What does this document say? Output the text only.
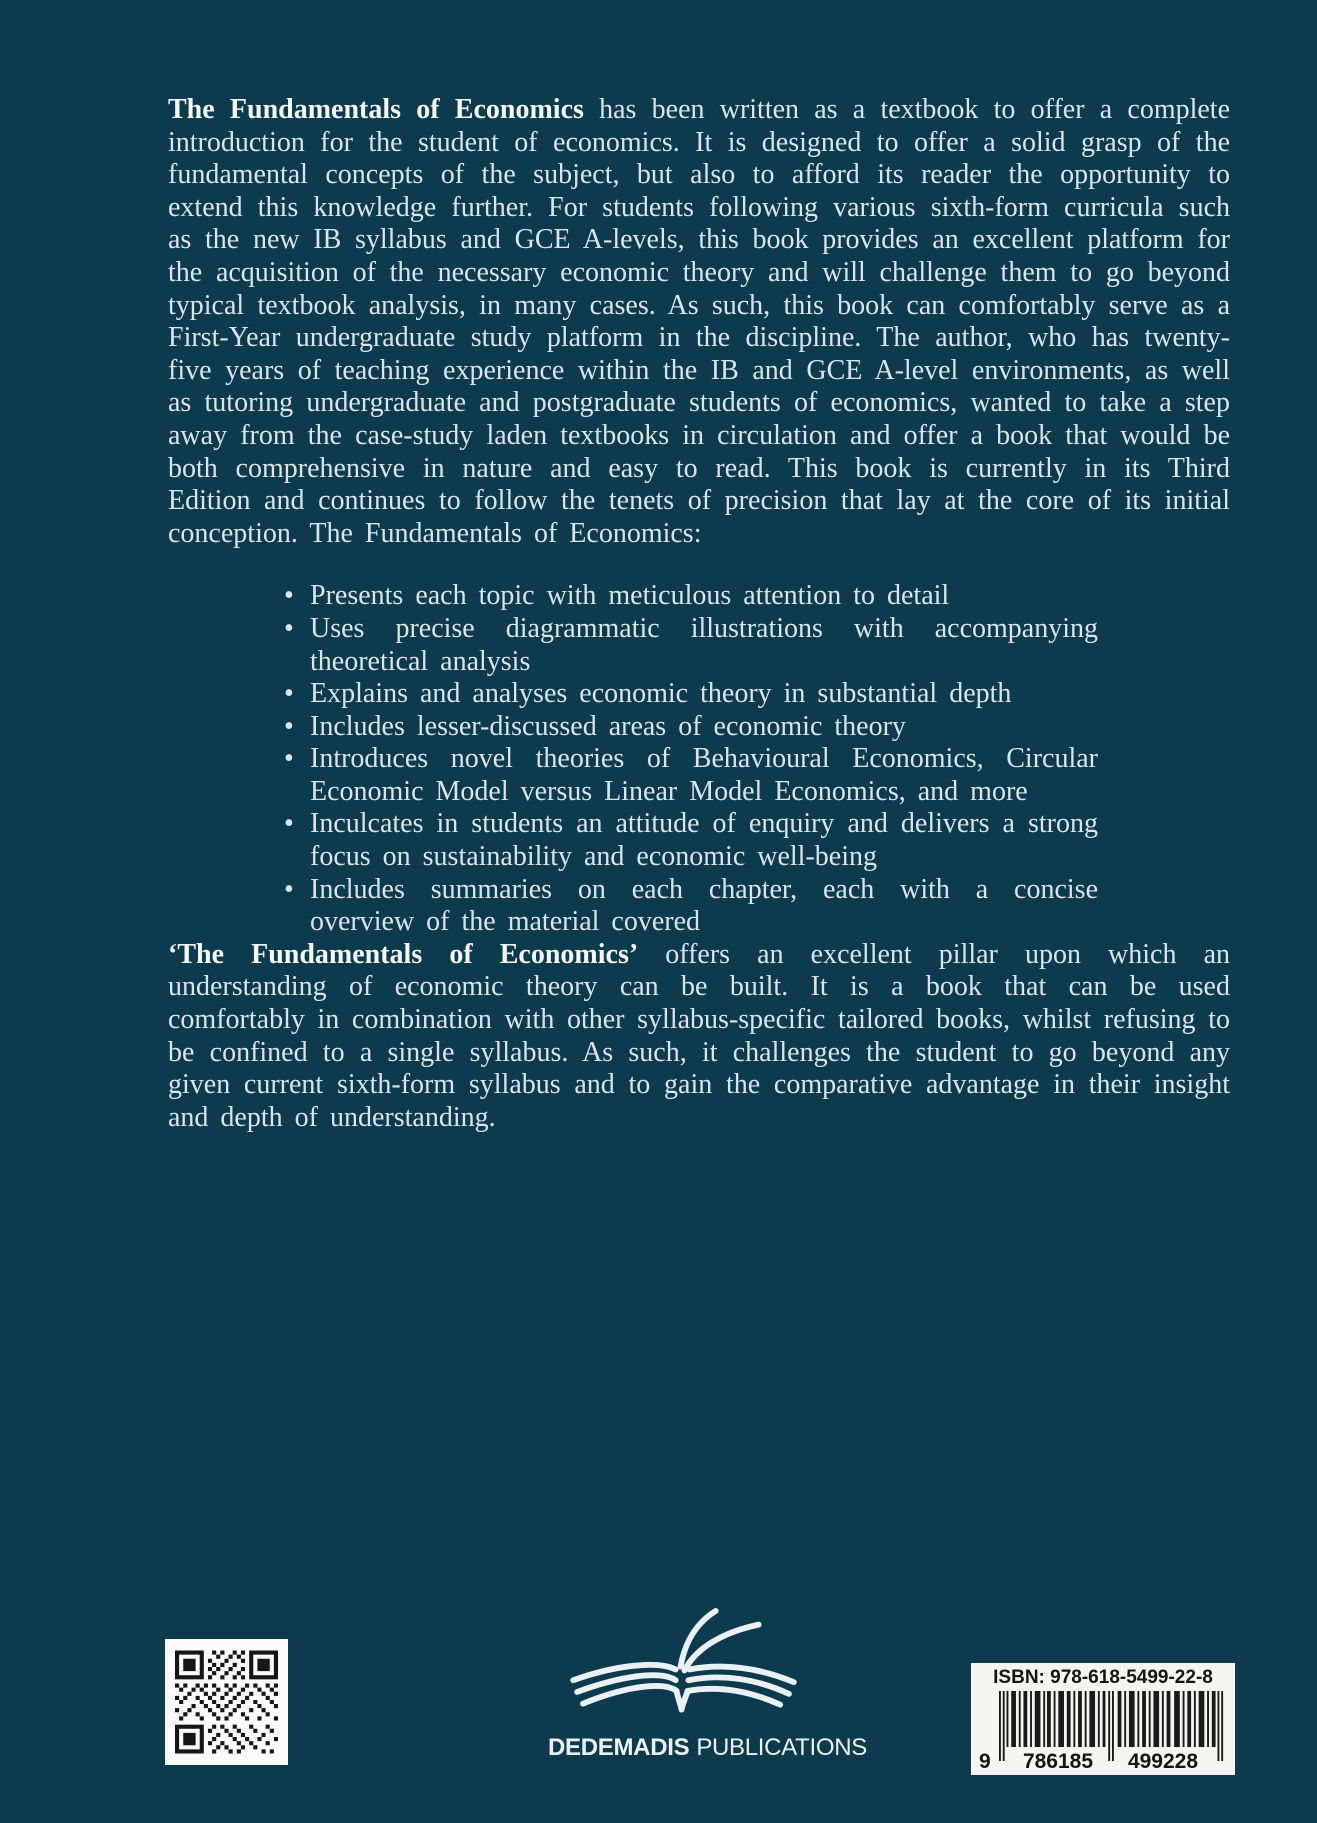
The Fundamentals of Economics has been written as a textbook to offer a complete introduction for the student of economics. It is designed to offer a solid grasp of the fundamental concepts of the subject, but also to afford its reader the opportunity to extend this knowledge further. For students following various sixth-form curricula such as the new IB syllabus and GCE A-levels, this book provides an excellent platform for the acquisition of the necessary economic theory and will challenge them to go beyond typical textbook analysis, in many cases. As such, this book can comfortably serve as a First-Year undergraduate study platform in the discipline. The author, who has twenty-five years of teaching experience within the IB and GCE A-level environments, as well as tutoring undergraduate and postgraduate students of economics, wanted to take a step away from the case-study laden textbooks in circulation and offer a book that would be both comprehensive in nature and easy to read. This book is currently in its Third Edition and continues to follow the tenets of precision that lay at the core of its initial conception. The Fundamentals of Economics:

• Presents each topic with meticulous attention to detail
• Uses precise diagrammatic illustrations with accompanying theoretical analysis
• Explains and analyses economic theory in substantial depth
• Includes lesser-discussed areas of economic theory
• Introduces novel theories of Behavioural Economics, Circular Economic Model versus Linear Model Economics, and more
• Inculcates in students an attitude of enquiry and delivers a strong focus on sustainability and economic well-being
• Includes summaries on each chapter, each with a concise overview of the material covered

‘The Fundamentals of Economics’ offers an excellent pillar upon which an understanding of economic theory can be built. It is a book that can be used comfortably in combination with other syllabus-specific tailored books, whilst refusing to be confined to a single syllabus. As such, it challenges the student to go beyond any given current sixth-form syllabus and to gain the comparative advantage in their insight and depth of understanding.

DEDEMADIS PUBLICATIONS
ISBN: 978-618-5499-22-8
9	786185	499228
